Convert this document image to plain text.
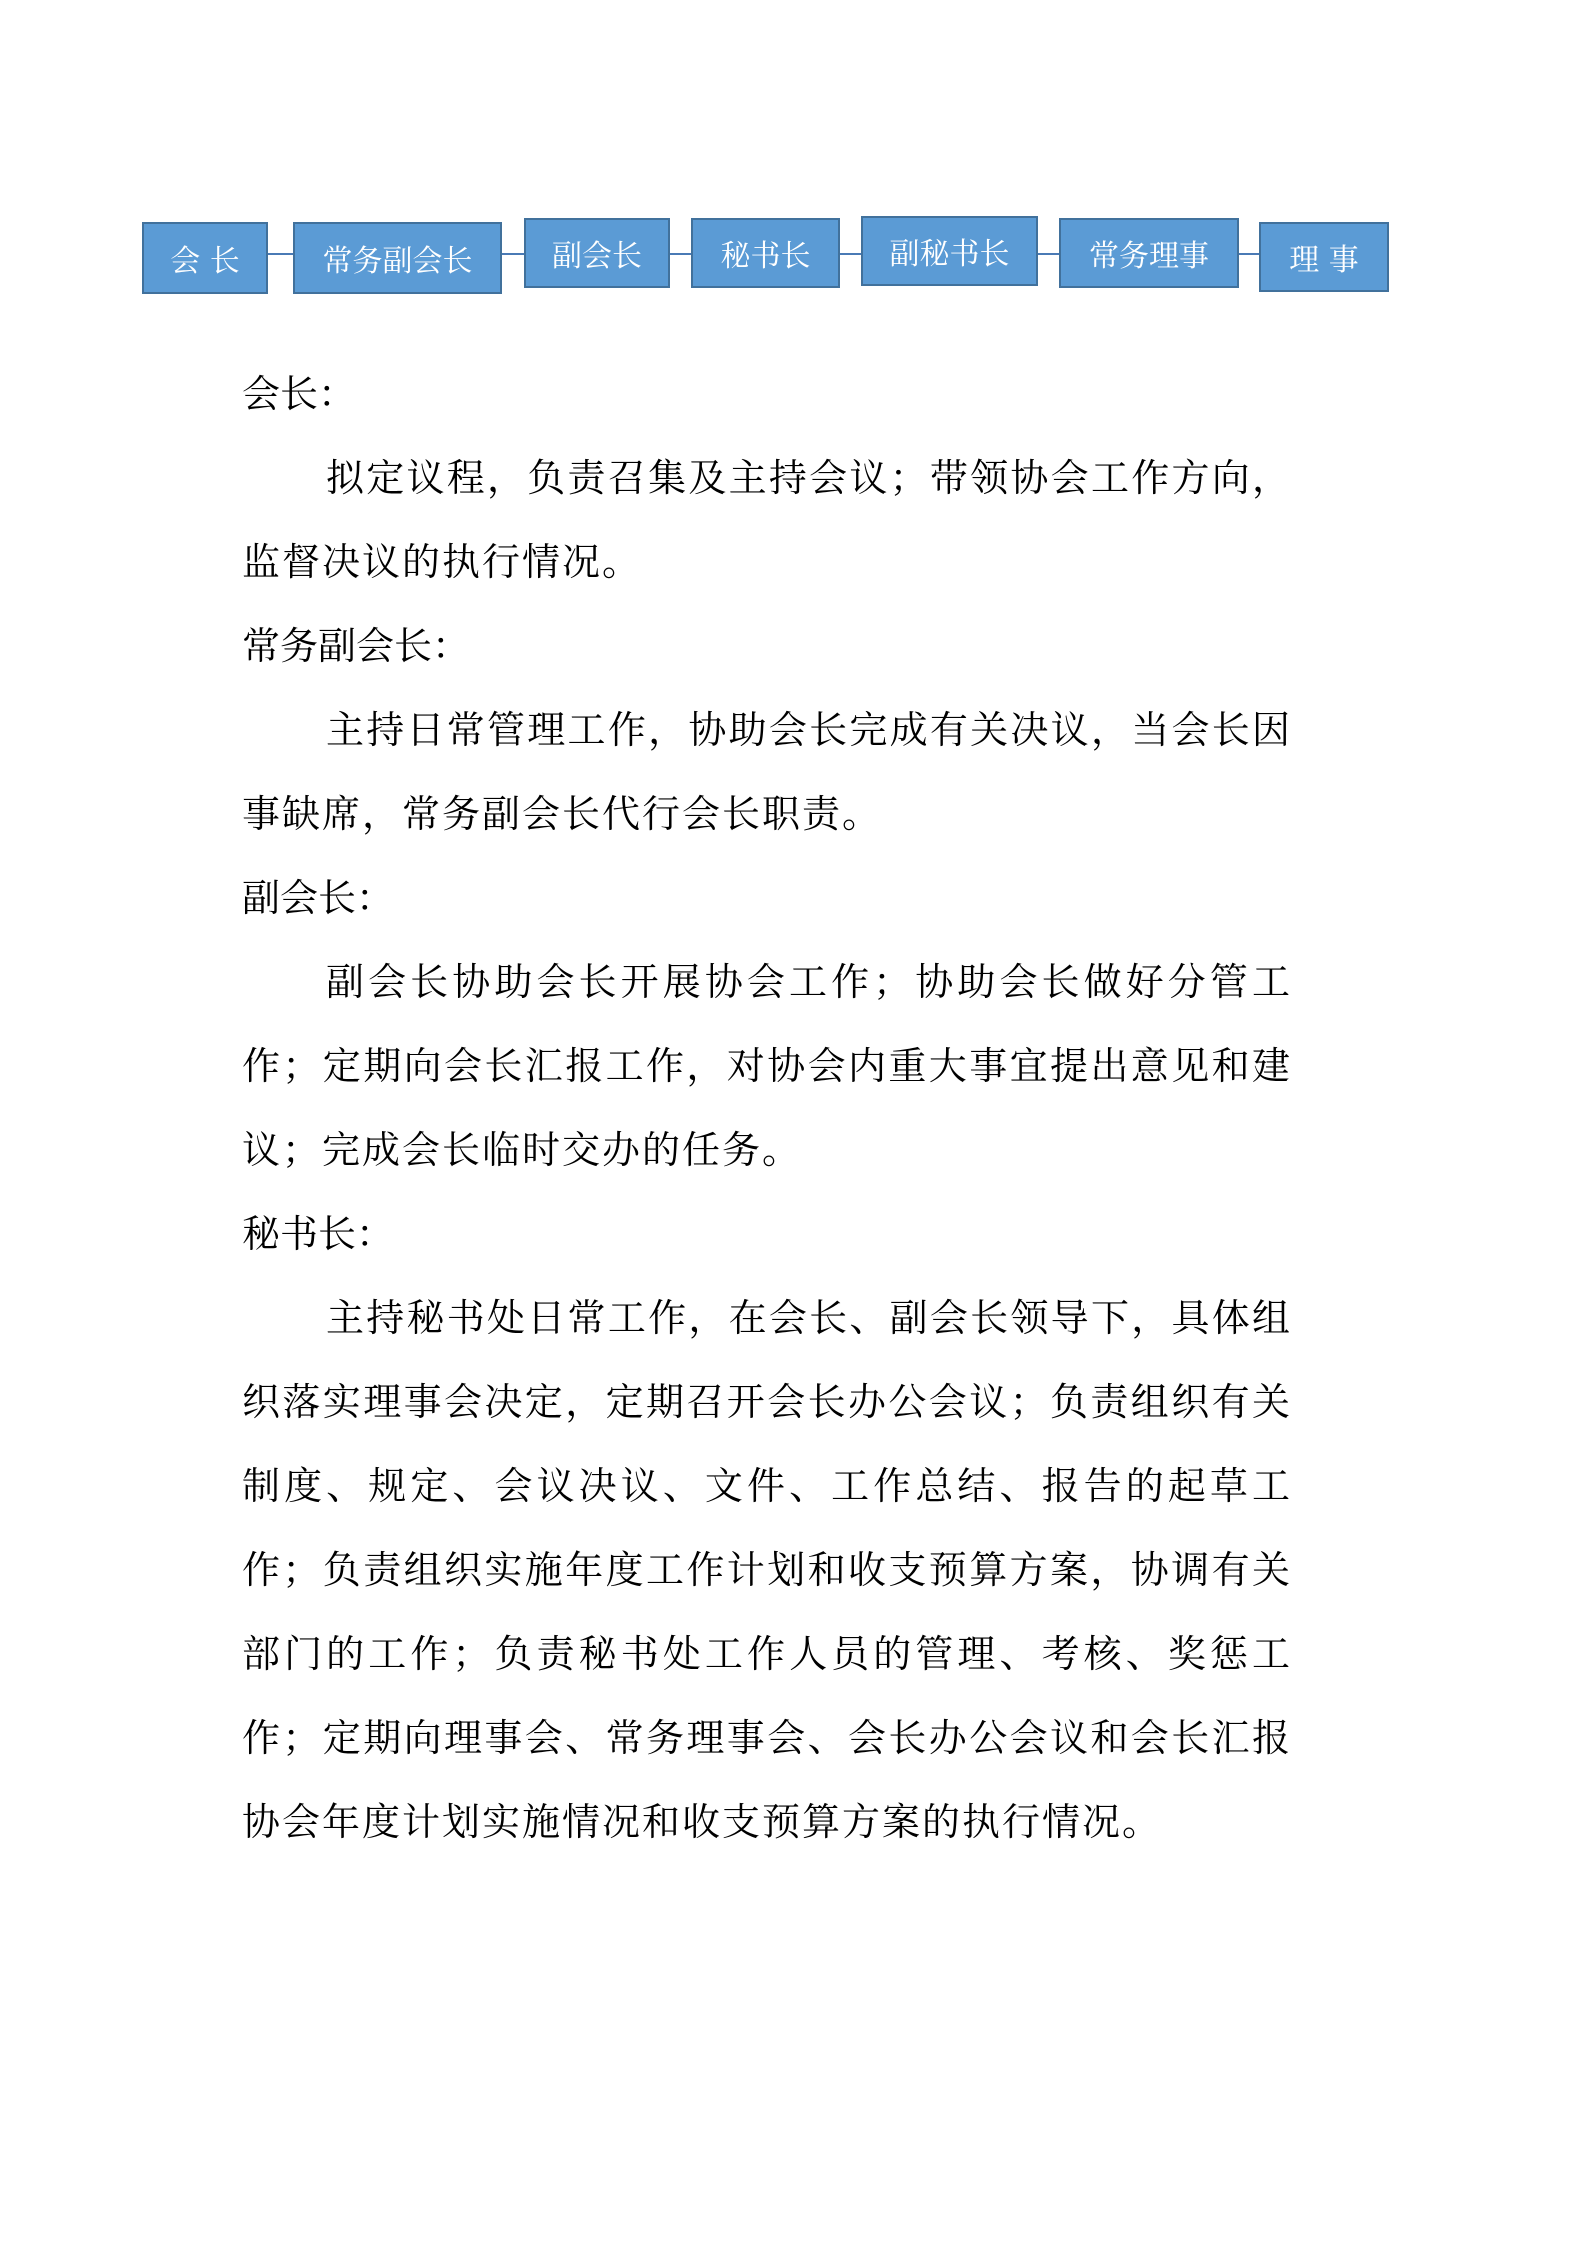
会 长	常务副会长	副会长	秘书长	副秘书长	常务理事	理 事

会长：

拟定议程，负责召集及主持会议；带领协会工作方向，监督决议的执行情况。

常务副会长：

主持日常管理工作，协助会长完成有关决议，当会长因事缺席，常务副会长代行会长职责。

副会长：

副会长协助会长开展协会工作；协助会长做好分管工作；定期向会长汇报工作，对协会内重大事宜提出意见和建议；完成会长临时交办的任务。

秘书长：

主持秘书处日常工作，在会长、副会长领导下，具体组织落实理事会决定，定期召开会长办公会议；负责组织有关制度、规定、会议决议、文件、工作总结、报告的起草工作；负责组织实施年度工作计划和收支预算方案，协调有关部门的工作；负责秘书处工作人员的管理、考核、奖惩工作；定期向理事会、常务理事会、会长办公会议和会长汇报协会年度计划实施情况和收支预算方案的执行情况。
